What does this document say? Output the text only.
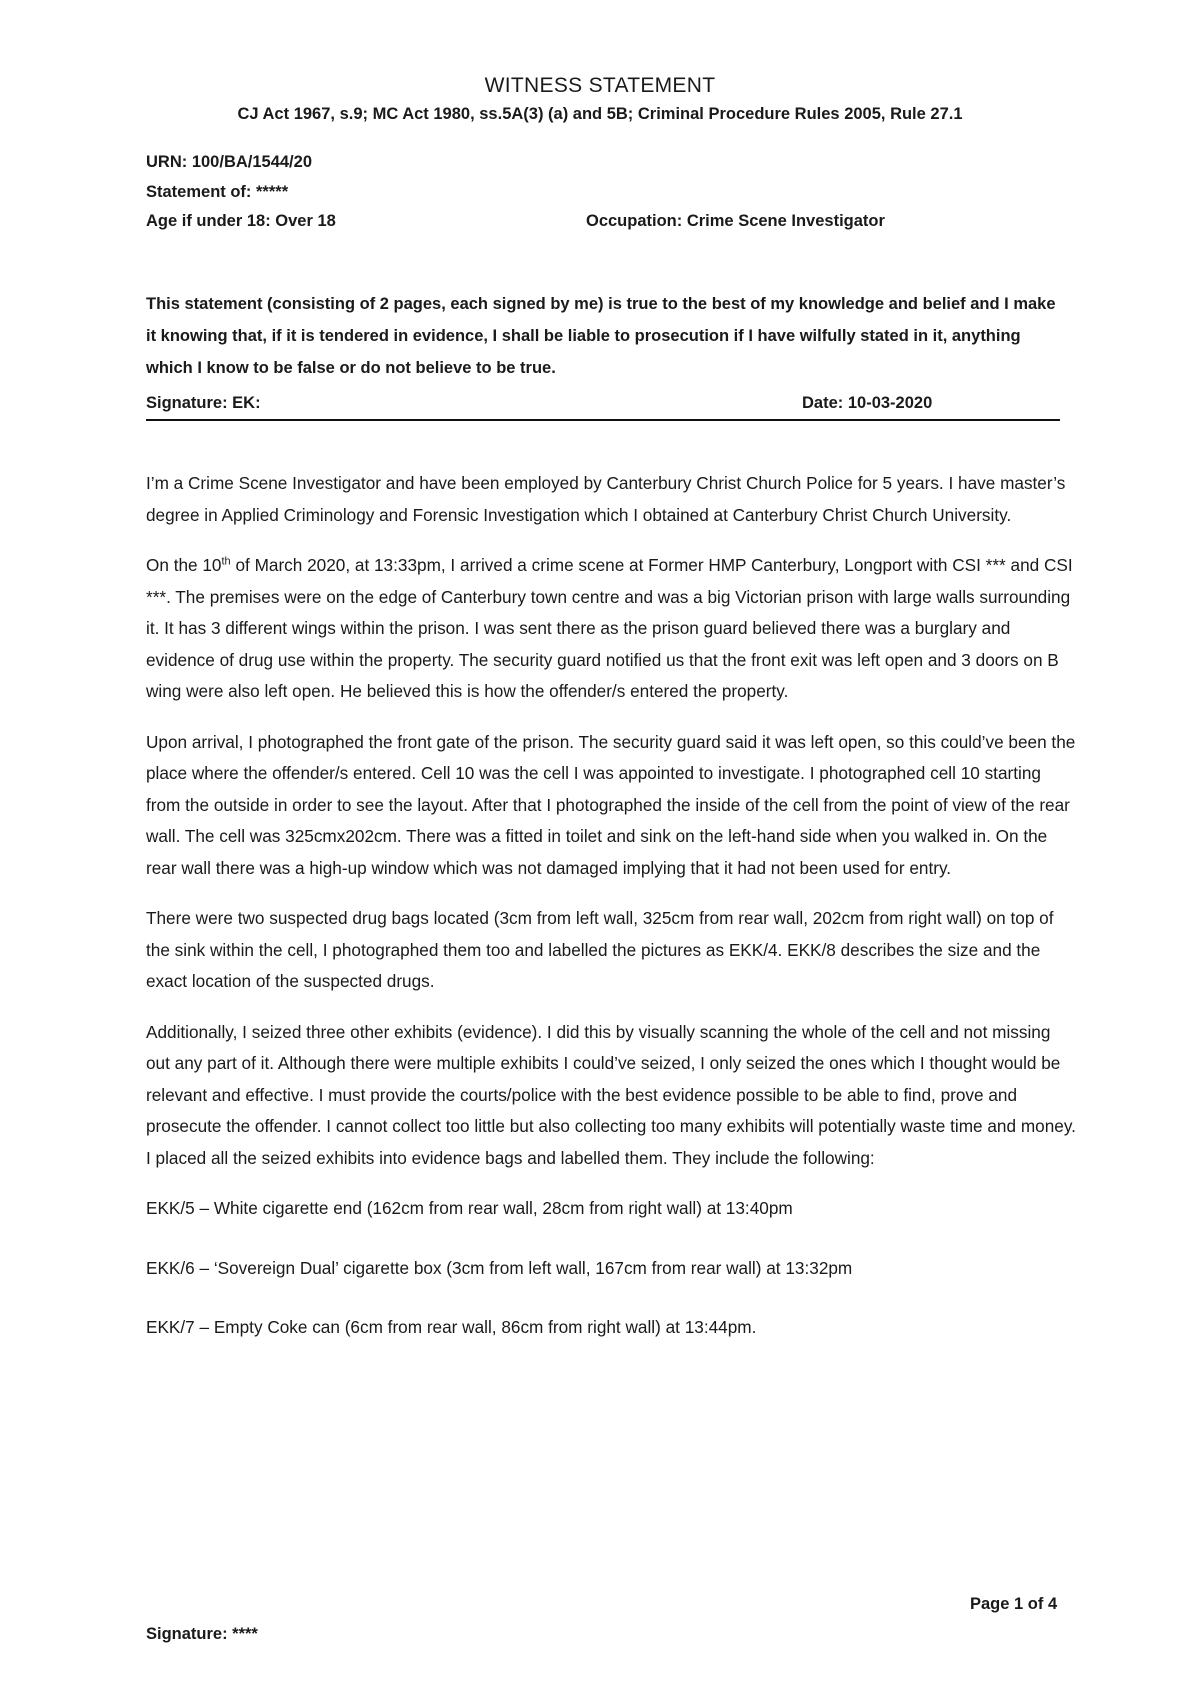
WITNESS STATEMENT
CJ Act 1967, s.9; MC Act 1980, ss.5A(3) (a) and 5B; Criminal Procedure Rules 2005, Rule 27.1
URN: 100/BA/1544/20
Statement of: *****
Age if under 18: Over 18	Occupation: Crime Scene Investigator

This statement (consisting of 2 pages, each signed by me) is true to the best of my knowledge and belief and I make it knowing that, if it is tendered in evidence, I shall be liable to prosecution if I have wilfully stated in it, anything which I know to be false or do not believe to be true.

Signature: EK:	Date: 10-03-2020

I’m a Crime Scene Investigator and have been employed by Canterbury Christ Church Police for 5 years. I have master’s degree in Applied Criminology and Forensic Investigation which I obtained at Canterbury Christ Church University.

On the 10th of March 2020, at 13:33pm, I arrived a crime scene at Former HMP Canterbury, Longport with CSI *** and CSI ***. The premises were on the edge of Canterbury town centre and was a big Victorian prison with large walls surrounding it. It has 3 different wings within the prison. I was sent there as the prison guard believed there was a burglary and evidence of drug use within the property. The security guard notified us that the front exit was left open and 3 doors on B wing were also left open. He believed this is how the offender/s entered the property.

Upon arrival, I photographed the front gate of the prison. The security guard said it was left open, so this could’ve been the place where the offender/s entered. Cell 10 was the cell I was appointed to investigate. I photographed cell 10 starting from the outside in order to see the layout. After that I photographed the inside of the cell from the point of view of the rear wall. The cell was 325cmx202cm. There was a fitted in toilet and sink on the left-hand side when you walked in. On the rear wall there was a high-up window which was not damaged implying that it had not been used for entry.

There were two suspected drug bags located (3cm from left wall, 325cm from rear wall, 202cm from right wall) on top of the sink within the cell, I photographed them too and labelled the pictures as EKK/4. EKK/8 describes the size and the exact location of the suspected drugs.

Additionally, I seized three other exhibits (evidence). I did this by visually scanning the whole of the cell and not missing out any part of it. Although there were multiple exhibits I could’ve seized, I only seized the ones which I thought would be relevant and effective. I must provide the courts/police with the best evidence possible to be able to find, prove and prosecute the offender. I cannot collect too little but also collecting too many exhibits will potentially waste time and money. I placed all the seized exhibits into evidence bags and labelled them. They include the following:

EKK/5 – White cigarette end (162cm from rear wall, 28cm from right wall) at 13:40pm

EKK/6 – ‘Sovereign Dual’ cigarette box (3cm from left wall, 167cm from rear wall) at 13:32pm

EKK/7 – Empty Coke can (6cm from rear wall, 86cm from right wall) at 13:44pm.

Page 1 of 4
Signature: ****
